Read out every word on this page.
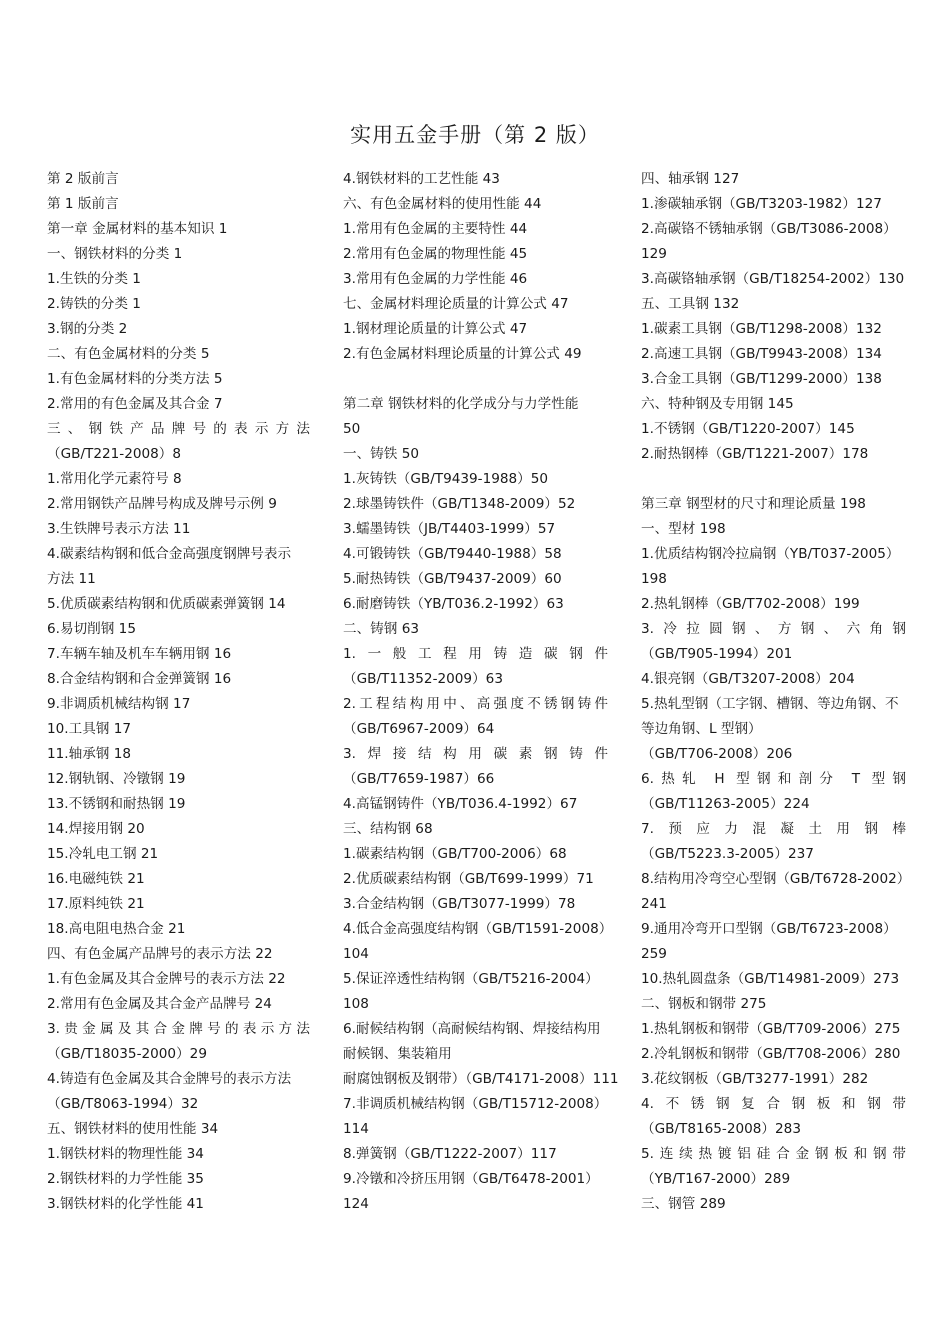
实用五金手册（第 2 版）
第 2 版前言
第 1 版前言
第一章 金属材料的基本知识 1
一、钢铁材料的分类 1
1.生铁的分类 1
2.铸铁的分类 1
3.钢的分类 2
二、有色金属材料的分类 5
1.有色金属材料的分类方法 5
2.常用的有色金属及其合金 7
三、钢铁产品牌号的表示方法
（GB/T221-2008）8
1.常用化学元素符号 8
2.常用钢铁产品牌号构成及牌号示例 9
3.生铁牌号表示方法 11
4.碳素结构钢和低合金高强度钢牌号表示
方法 11
5.优质碳素结构钢和优质碳素弹簧钢 14
6.易切削钢 15
7.车辆车轴及机车车辆用钢 16
8.合金结构钢和合金弹簧钢 16
9.非调质机械结构钢 17
10.工具钢 17
11.轴承钢 18
12.钢轨钢、冷镦钢 19
13.不锈钢和耐热钢 19
14.焊接用钢 20
15.冷轧电工钢 21
16.电磁纯铁 21
17.原料纯铁 21
18.高电阻电热合金 21
四、有色金属产品牌号的表示方法 22
1.有色金属及其合金牌号的表示方法 22
2.常用有色金属及其合金产品牌号 24
3.贵金属及其合金牌号的表示方法
（GB/T18035-2000）29
4.铸造有色金属及其合金牌号的表示方法
（GB/T8063-1994）32
五、钢铁材料的使用性能 34
1.钢铁材料的物理性能 34
2.钢铁材料的力学性能 35
3.钢铁材料的化学性能 41
4.钢铁材料的工艺性能 43
六、有色金属材料的使用性能 44
1.常用有色金属的主要特性 44
2.常用有色金属的物理性能 45
3.常用有色金属的力学性能 46
七、金属材料理论质量的计算公式 47
1.钢材理论质量的计算公式 47
2.有色金属材料理论质量的计算公式 49
第二章 钢铁材料的化学成分与力学性能
50
一、铸铁 50
1.灰铸铁（GB/T9439-1988）50
2.球墨铸铁件（GB/T1348-2009）52
3.蠕墨铸铁（JB/T4403-1999）57
4.可锻铸铁（GB/T9440-1988）58
5.耐热铸铁（GB/T9437-2009）60
6.耐磨铸铁（YB/T036.2-1992）63
二、铸钢 63
1.一般工程用铸造碳钢件
（GB/T11352-2009）63
2.工程结构用中、高强度不锈钢铸件
（GB/T6967-2009）64
3.焊接结构用碳素钢铸件
（GB/T7659-1987）66
4.高锰钢铸件（YB/T036.4-1992）67
三、结构钢 68
1.碳素结构钢（GB/T700-2006）68
2.优质碳素结构钢（GB/T699-1999）71
3.合金结构钢（GB/T3077-1999）78
4.低合金高强度结构钢（GB/T1591-2008）
104
5.保证淬透性结构钢（GB/T5216-2004）
108
6.耐候结构钢（高耐候结构钢、焊接结构用
耐候钢、集装箱用
耐腐蚀钢板及钢带）（GB/T4171-2008）111
7.非调质机械结构钢（GB/T15712-2008）
114
8.弹簧钢（GB/T1222-2007）117
9.冷镦和冷挤压用钢（GB/T6478-2001）
124
四、轴承钢 127
1.渗碳轴承钢（GB/T3203-1982）127
2.高碳铬不锈轴承钢（GB/T3086-2008）
129
3.高碳铬轴承钢（GB/T18254-2002）130
五、工具钢 132
1.碳素工具钢（GB/T1298-2008）132
2.高速工具钢（GB/T9943-2008）134
3.合金工具钢（GB/T1299-2000）138
六、特种钢及专用钢 145
1.不锈钢（GB/T1220-2007）145
2.耐热钢棒（GB/T1221-2007）178
第三章 钢型材的尺寸和理论质量 198
一、型材 198
1.优质结构钢冷拉扁钢（YB/T037-2005）
198
2.热轧钢棒（GB/T702-2008）199
3.冷拉圆钢、方钢、六角钢
（GB/T905-1994）201
4.银亮钢（GB/T3207-2008）204
5.热轧型钢（工字钢、槽钢、等边角钢、不
等边角钢、L 型钢）
（GB/T706-2008）206
6.热轧 H 型钢和剖分 T 型钢
（GB/T11263-2005）224
7.预应力混凝土用钢棒
（GB/T5223.3-2005）237
8.结构用冷弯空心型钢（GB/T6728-2002）
241
9.通用冷弯开口型钢（GB/T6723-2008）
259
10.热轧圆盘条（GB/T14981-2009）273
二、钢板和钢带 275
1.热轧钢板和钢带（GB/T709-2006）275
2.冷轧钢板和钢带（GB/T708-2006）280
3.花纹钢板（GB/T3277-1991）282
4.不锈钢复合钢板和钢带
（GB/T8165-2008）283
5.连续热镀铝硅合金钢板和钢带
（YB/T167-2000）289
三、钢管 289
